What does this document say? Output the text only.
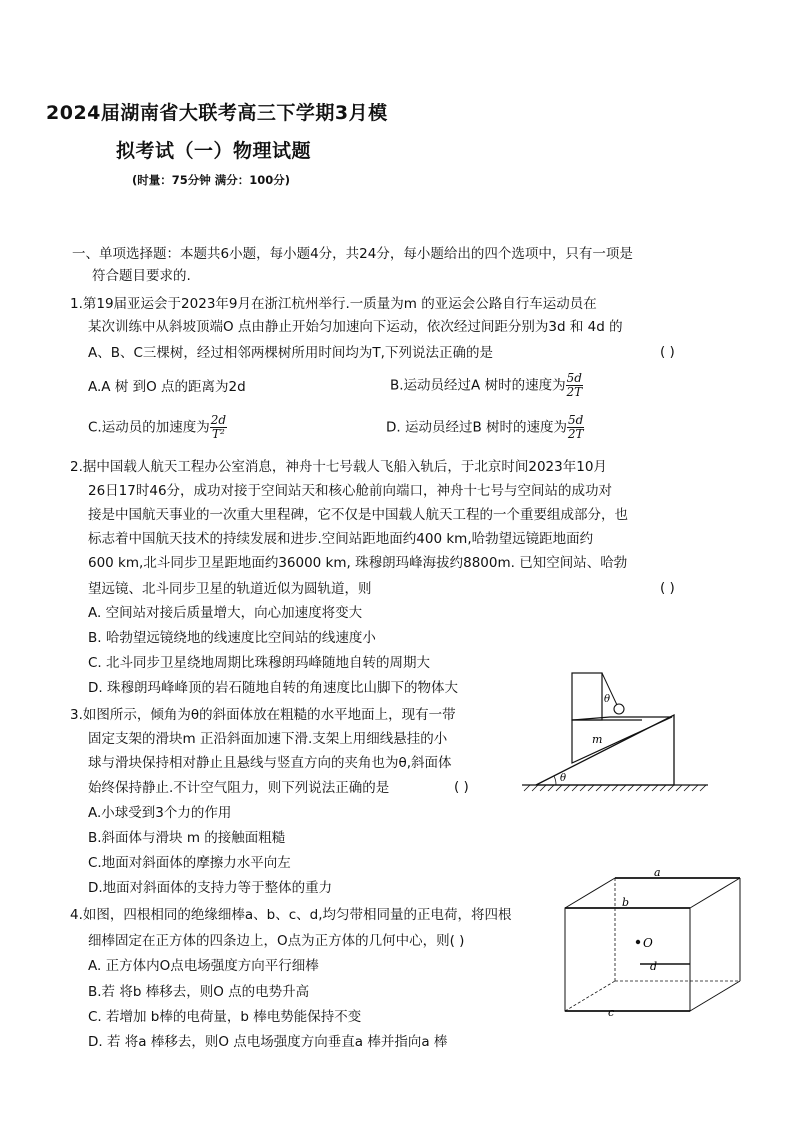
2024届湖南省大联考高三下学期3月模
拟考试（一）物理试题
(时量：75分钟 满分：100分)
一、单项选择题：本题共6小题，每小题4分，共24分，每小题给出的四个选项中，只有一项是
符合题目要求的.
1.第19届亚运会于2023年9月在浙江杭州举行.一质量为m 的亚运会公路自行车运动员在
某次训练中从斜坡顶端O 点由静止开始匀加速向下运动，依次经过间距分别为3d 和 4d 的
A、B、C三棵树，经过相邻两棵树所用时间均为T,下列说法正确的是	( )
A.A 树 到O 点的距离为2d	B.运动员经过A 树时的速度为 $\frac{5d}{2T}$
C.运动员的加速度为 $\frac{2d}{\text{T²}}$	D. 运动员经过B 树时的速度为 $\frac{5d}{2T}$
2.据中国载人航天工程办公室消息，神舟十七号载人飞船入轨后，于北京时间2023年10月
26日17时46分，成功对接于空间站天和核心舱前向端口，神舟十七号与空间站的成功对
接是中国航天事业的一次重大里程碑，它不仅是中国载人航天工程的一个重要组成部分，也
标志着中国航天技术的持续发展和进步.空间站距地面约400 km,哈勃望远镜距地面约
600 km,北斗同步卫星距地面约36000 km, 珠穆朗玛峰海拔约8800m. 已知空间站、哈勃
望远镜、北斗同步卫星的轨道近似为圆轨道，则	( )
A. 空间站对接后质量增大，向心加速度将变大
B. 哈勃望远镜绕地的线速度比空间站的线速度小
C. 北斗同步卫星绕地周期比珠穆朗玛峰随地自转的周期大
D. 珠穆朗玛峰峰顶的岩石随地自转的角速度比山脚下的物体大
3.如图所示，倾角为θ的斜面体放在粗糙的水平地面上，现有一带
固定支架的滑块m 正沿斜面加速下滑.支架上用细线悬挂的小
球与滑块保持相对静止且悬线与竖直方向的夹角也为θ,斜面体
始终保持静止.不计空气阻力，则下列说法正确的是	( )
A.小球受到3个力的作用
B.斜面体与滑块 m 的接触面粗糙
C.地面对斜面体的摩擦力水平向左
D.地面对斜面体的支持力等于整体的重力
θ
m
θ
4.如图，四根相同的绝缘细棒a、b、c、d,均匀带相同量的正电荷，将四根
细棒固定在正方体的四条边上，O点为正方体的几何中心，则( )
A. 正方体内O点电场强度方向平行细棒
B.若 将b 棒移去，则O 点的电势升高
C. 若增加 b棒的电荷量，b 棒电势能保持不变
D. 若 将a 棒移去，则O 点电场强度方向垂直a 棒并指向a 棒
a
b
O
d
c
